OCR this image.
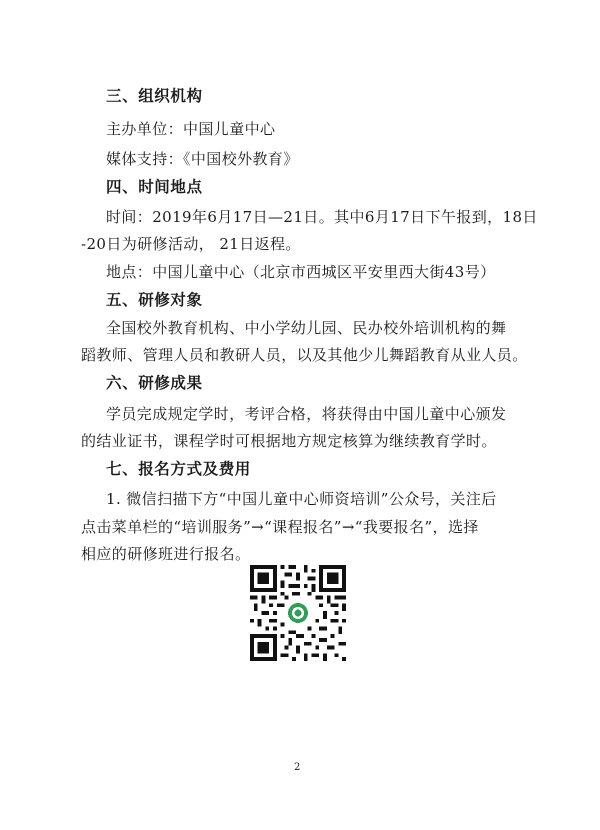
三、组织机构
主办单位：中国儿童中心
媒体支持：《中国校外教育》
四、时间地点
时间：2019年6月17日—21日。其中6月17日下午报到，18日
-20日为研修活动， 21日返程。
地点：中国儿童中心（北京市西城区平安里西大街43号）
五、研修对象
全国校外教育机构、中小学幼儿园、民办校外培训机构的舞
蹈教师、管理人员和教研人员，以及其他少儿舞蹈教育从业人员。
六、研修成果
学员完成规定学时，考评合格，将获得由中国儿童中心颁发
的结业证书，课程学时可根据地方规定核算为继续教育学时。
七、报名方式及费用
1. 微信扫描下方“中国儿童中心师资培训”公众号，关注后
点击菜单栏的“培训服务”→“课程报名”→“我要报名”，选择
相应的研修班进行报名。
2
